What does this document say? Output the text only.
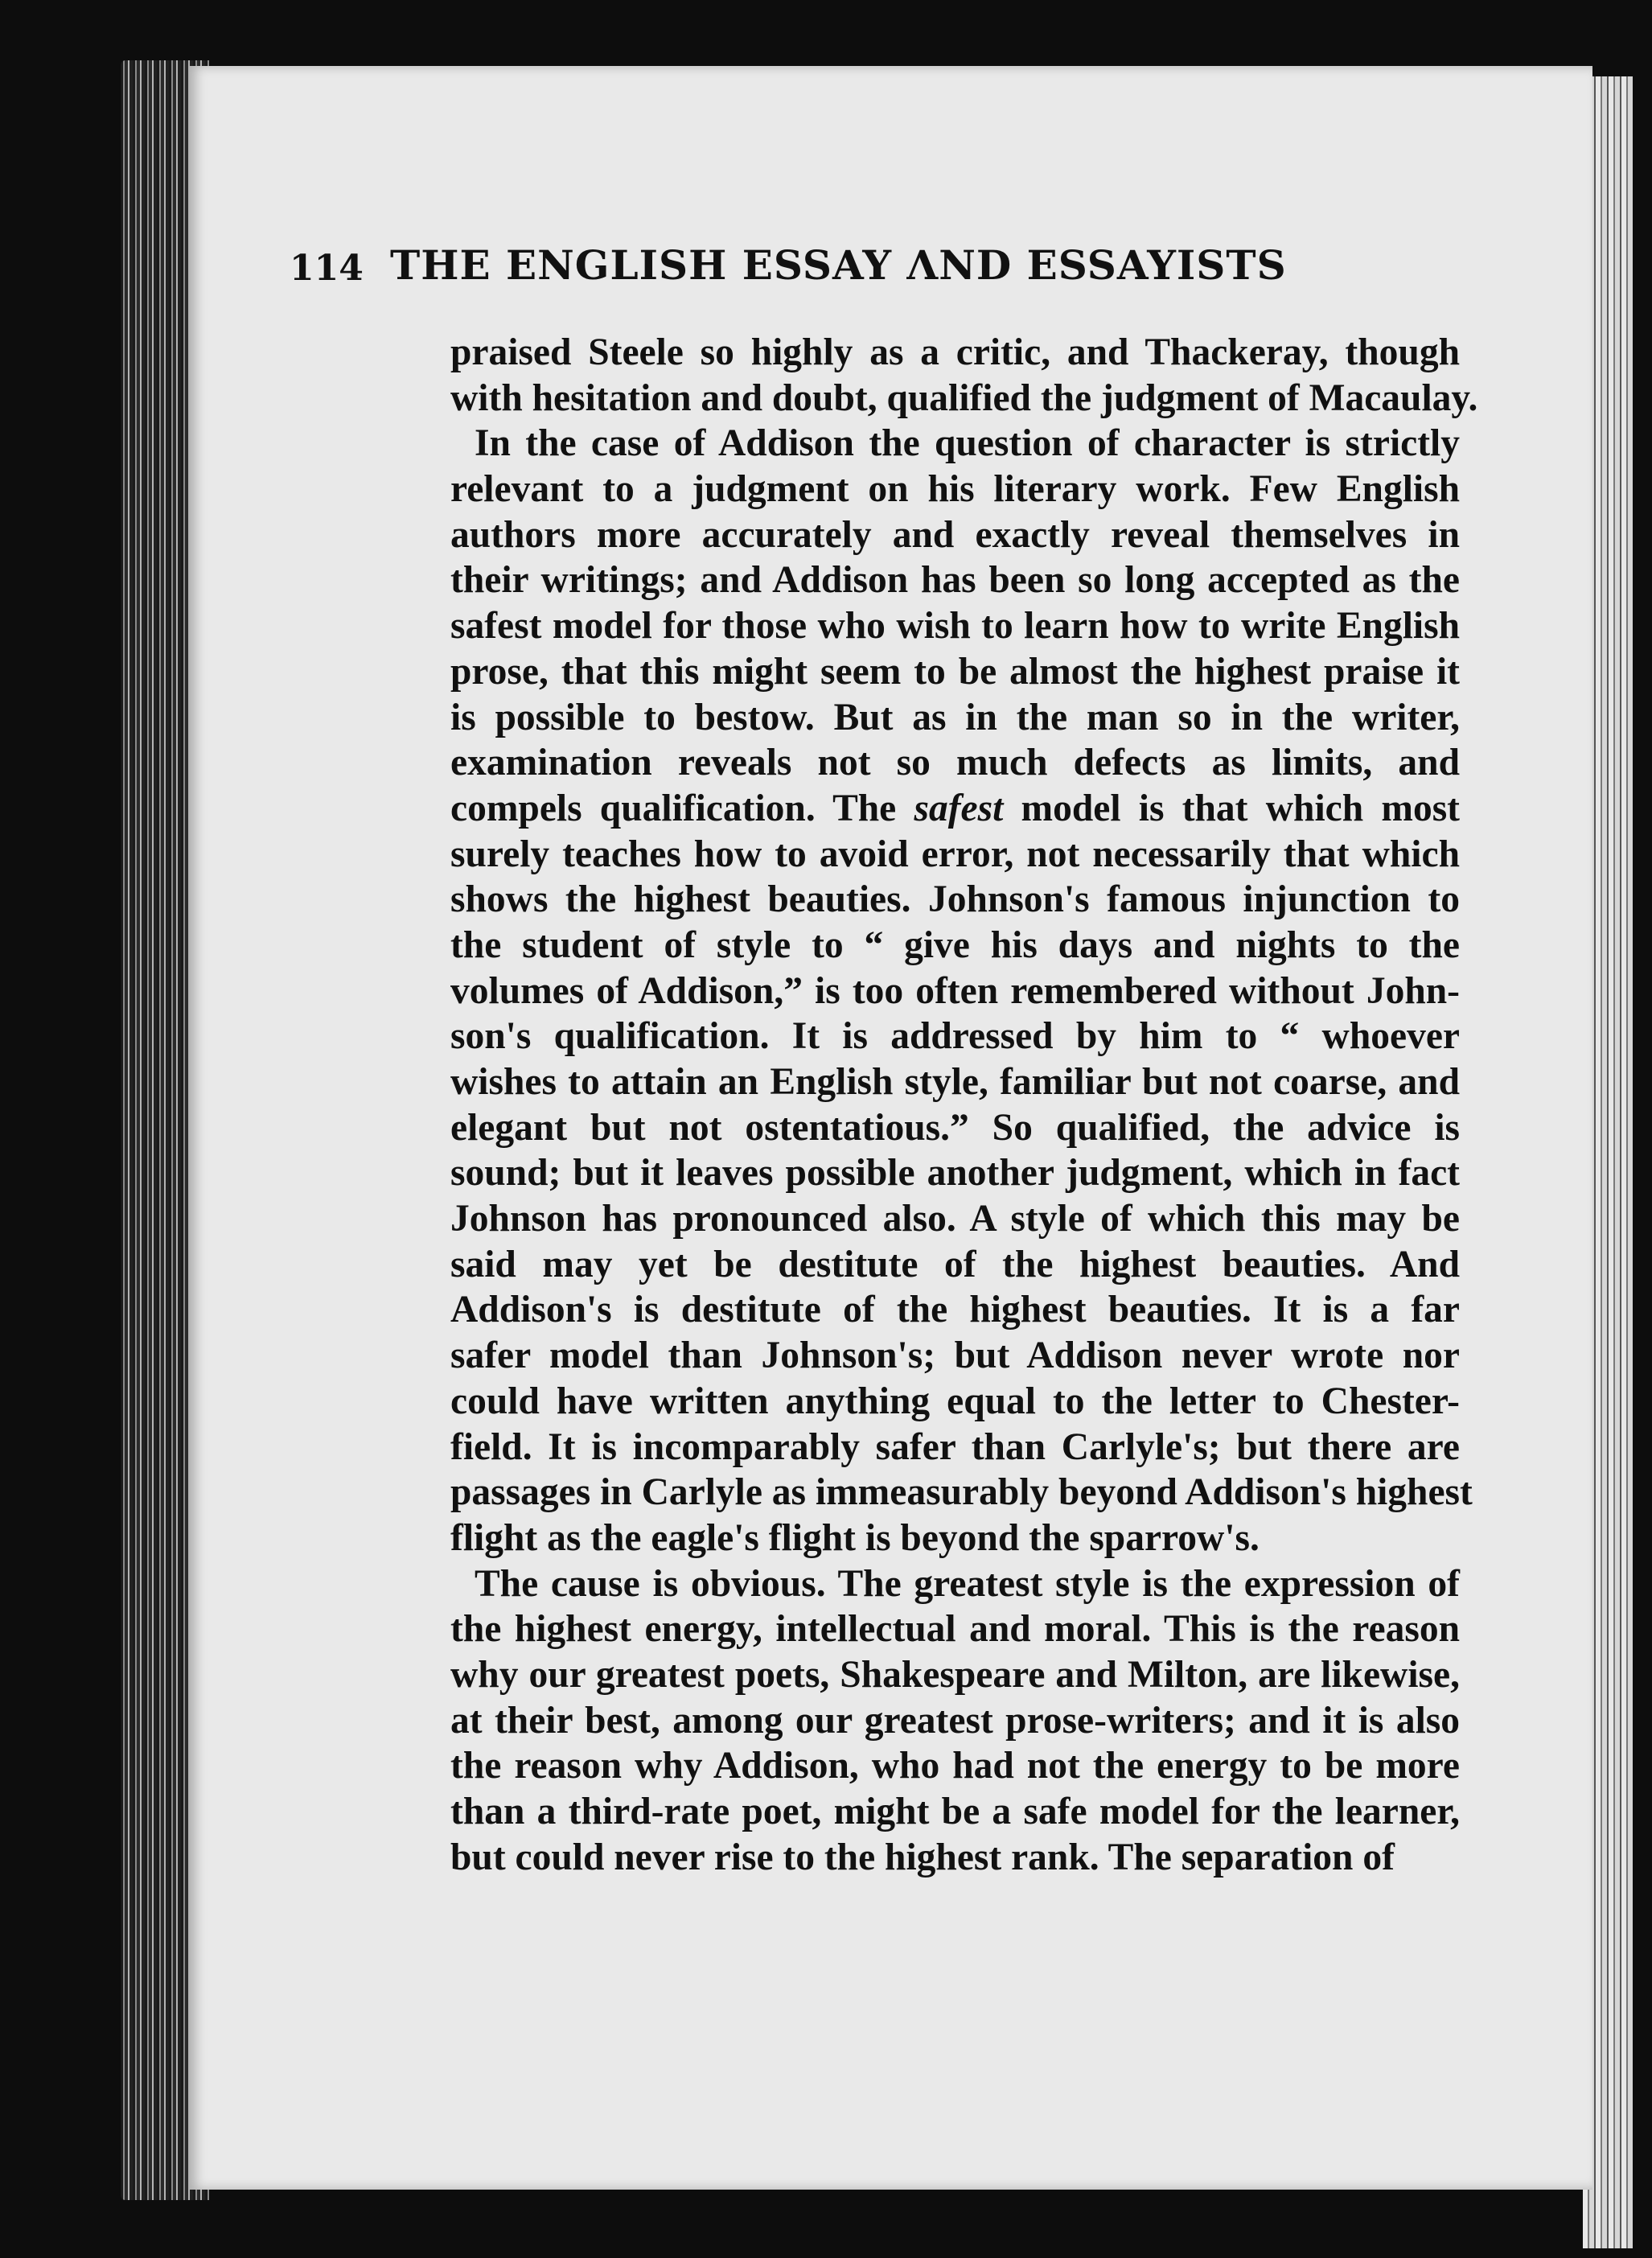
114 THE ENGLISH ESSAY ΛND ESSAYISTS
praised Steele so highly as a critic, and Thackeray, though
with hesitation and doubt, qualified the judgment of Macaulay.
In the case of Addison the question of character is strictly
relevant to a judgment on his literary work. Few English
authors more accurately and exactly reveal themselves in
their writings; and Addison has been so long accepted as the
safest model for those who wish to learn how to write English
prose, that this might seem to be almost the highest praise it
is possible to bestow. But as in the man so in the writer,
examination reveals not so much defects as limits, and
compels qualification. The safest model is that which most
surely teaches how to avoid error, not necessarily that which
shows the highest beauties. Johnson's famous injunction to
the student of style to “ give his days and nights to the
volumes of Addison,” is too often remembered without John-
son's qualification. It is addressed by him to “ whoever
wishes to attain an English style, familiar but not coarse, and
elegant but not ostentatious.” So qualified, the advice is
sound; but it leaves possible another judgment, which in fact
Johnson has pronounced also. A style of which this may be
said may yet be destitute of the highest beauties. And
Addison's is destitute of the highest beauties. It is a far
safer model than Johnson's; but Addison never wrote nor
could have written anything equal to the letter to Chester-
field. It is incomparably safer than Carlyle's; but there are
passages in Carlyle as immeasurably beyond Addison's highest
flight as the eagle's flight is beyond the sparrow's.
The cause is obvious. The greatest style is the expression of
the highest energy, intellectual and moral. This is the reason
why our greatest poets, Shakespeare and Milton, are likewise,
at their best, among our greatest prose-writers; and it is also
the reason why Addison, who had not the energy to be more
than a third-rate poet, might be a safe model for the learner,
but could never rise to the highest rank. The separation of
